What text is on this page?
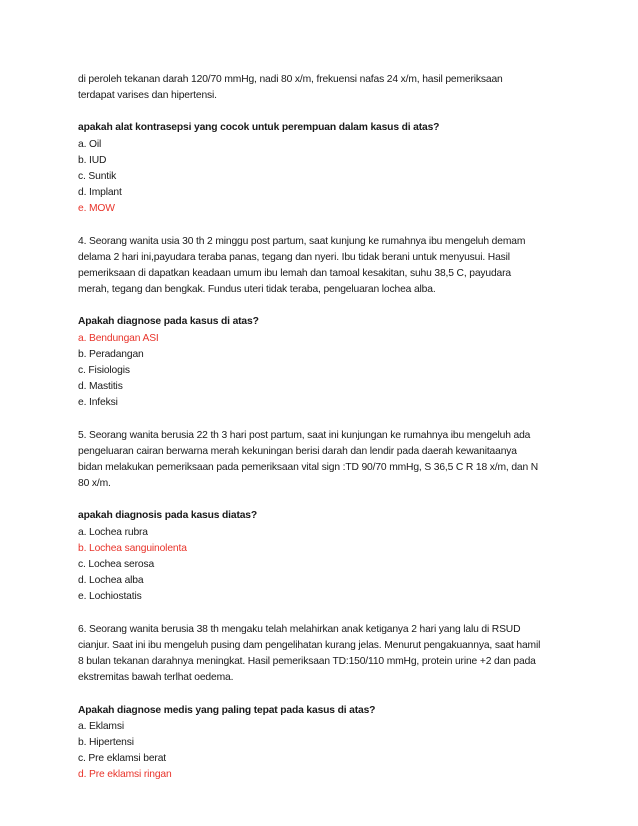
di peroleh tekanan darah 120/70 mmHg, nadi 80 x/m, frekuensi nafas 24 x/m, hasil pemeriksaan
terdapat varises dan hipertensi.
apakah alat kontrasepsi yang cocok untuk perempuan dalam kasus di atas?
a. Oil
b. IUD
c. Suntik
d. Implant
e. MOW
4. Seorang wanita usia 30 th 2 minggu post partum, saat kunjung ke rumahnya ibu mengeluh demam
delama 2 hari ini,payudara teraba panas, tegang dan nyeri. Ibu tidak berani untuk menyusui. Hasil
pemeriksaan di dapatkan keadaan umum ibu lemah dan tamoal kesakitan, suhu 38,5 C, payudara
merah, tegang dan bengkak. Fundus uteri tidak teraba, pengeluaran lochea alba.
Apakah diagnose pada kasus di atas?
a. Bendungan ASI
b. Peradangan
c. Fisiologis
d. Mastitis
e. Infeksi
5. Seorang wanita berusia 22 th 3 hari post partum, saat ini kunjungan ke rumahnya ibu mengeluh ada
pengeluaran cairan berwarna merah kekuningan berisi darah dan lendir pada daerah kewanitaanya
bidan melakukan pemeriksaan pada pemeriksaan vital sign :TD 90/70 mmHg, S 36,5 C R 18 x/m, dan N
80 x/m.
apakah diagnosis pada kasus diatas?
a. Lochea rubra
b. Lochea sanguinolenta
c. Lochea serosa
d. Lochea alba
e. Lochiostatis
6. Seorang wanita berusia 38 th mengaku telah melahirkan anak ketiganya 2 hari yang lalu di RSUD
cianjur. Saat ini ibu mengeluh pusing dam pengelihatan kurang jelas. Menurut pengakuannya, saat hamil
8 bulan tekanan darahnya meningkat. Hasil pemeriksaan TD:150/110 mmHg, protein urine +2 dan pada
ekstremitas bawah terlhat oedema.
Apakah diagnose medis yang paling tepat pada kasus di atas?
a. Eklamsi
b. Hipertensi
c. Pre eklamsi berat
d. Pre eklamsi ringan
